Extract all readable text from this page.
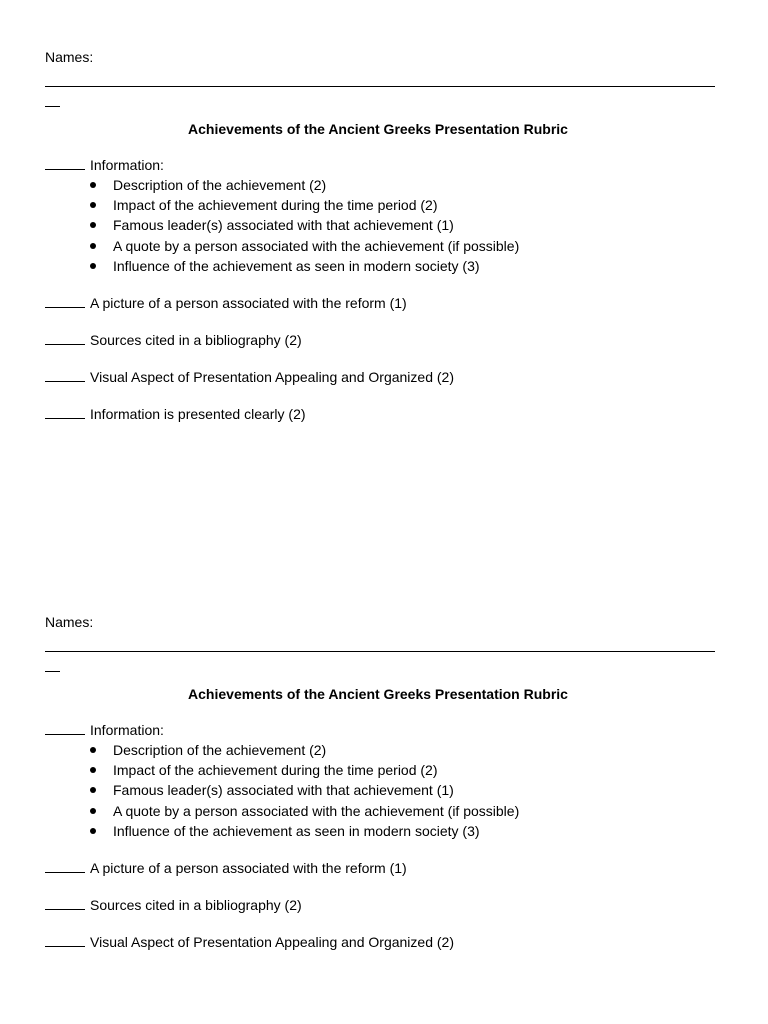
Names:
Achievements of the Ancient Greeks Presentation Rubric
Information:
Description of the achievement (2)
Impact of the achievement during the time period (2)
Famous leader(s) associated with that achievement (1)
A quote by a person associated with the achievement (if possible)
Influence of the achievement as seen in modern society (3)
A picture of a person associated with the reform (1)
Sources cited in a bibliography (2)
Visual Aspect of Presentation Appealing and Organized (2)
Information is presented clearly (2)
Names:
Achievements of the Ancient Greeks Presentation Rubric
Information:
Description of the achievement (2)
Impact of the achievement during the time period (2)
Famous leader(s) associated with that achievement (1)
A quote by a person associated with the achievement (if possible)
Influence of the achievement as seen in modern society (3)
A picture of a person associated with the reform (1)
Sources cited in a bibliography (2)
Visual Aspect of Presentation Appealing and Organized (2)
